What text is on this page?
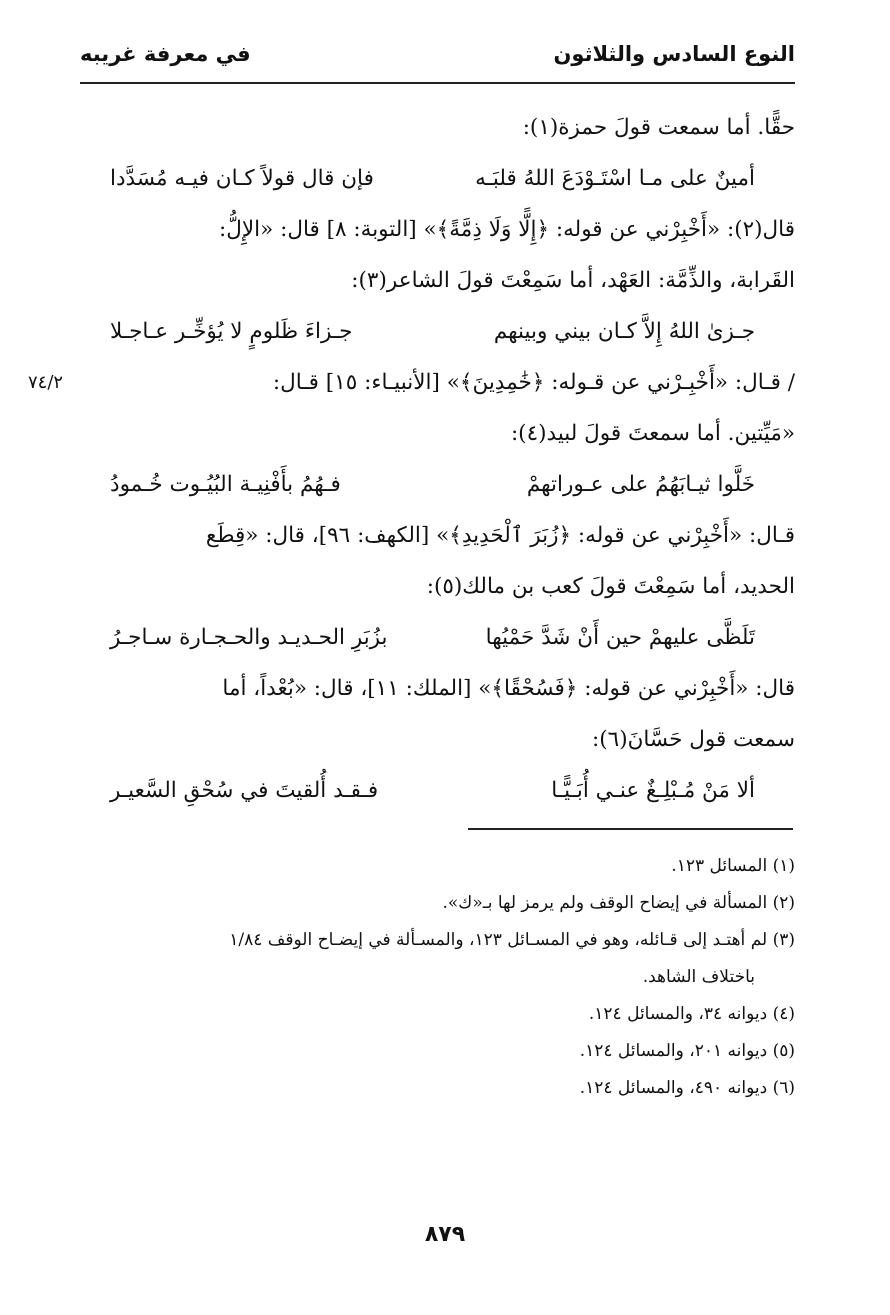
النوع السادس والثلاثون
في معرفة غريبه
حقًّا. أما سمعت قولَ حمزة(١):
أمينٌ على مـا اسْتَـوْدَعَ اللهُ قلبَـه
فإن قال قولاً كـان فيـه مُسَدَّدا
قال(٢): «أَخْبِرْني عن قوله: ﴿إِلًّا وَلَا ذِمَّةً﴾» [التوبة: ٨] قال: «الإِلُّ:
القَرابة، والذِّمَّة: العَهْد، أما سَمِعْتَ قولَ الشاعر(٣):
جـزىٰ اللهُ إِلاَّ كـان بيني وبينهم
جـزاءَ ظَلومٍ لا يُؤخِّـر عـاجـلا
/ قـال: «أَخْبِـرْني عن قـوله: ﴿خَٰمِدِينَ﴾» [الأنبيـاء: ١٥] قـال:
٧٤/٢
«مَيِّتين. أما سمعتَ قولَ لبيد(٤):
خَلَّوا ثيـابَهُمُ على عـوراتهمْ
فـهُمُ بأَفْنِيـة البُيُـوت خُـمودُ
قـال: «أَخْبِرْني عن قوله: ﴿زُبَرَ ٱلْحَدِيدِ﴾» [الكهف: ٩٦]، قال: «قِطَع
الحديد، أما سَمِعْتَ قولَ كعب بن مالك(٥):
تَلَظَّى عليهمْ حين أَنْ شَدَّ حَمْيُها
بزُبَرِ الحـديـد والحـجـارة سـاجـرُ
قال: «أَخْبِرْني عن قوله: ﴿فَسُحْقًا﴾» [الملك: ١١]، قال: «بُعْداً، أما
سمعت قول حَسَّانَ(٦):
ألا مَنْ مُـبْلِـغٌ عنـي أُبَـيًّـا
فـقـد أُلقيتَ في سُحْقِ السَّعيـر
(١) المسائل ١٢٣.
(٢) المسألة في إيضاح الوقف ولم يرمز لها بـ«ك».
(٣) لم أهتـد إلى قـائله، وهو في المسـائل ١٢٣، والمسـألة في إيضـاح الوقف ١/٨٤
باختلاف الشاهد.
(٤) ديوانه ٣٤، والمسائل ١٢٤.
(٥) ديوانه ٢٠١، والمسائل ١٢٤.
(٦) ديوانه ٤٩٠، والمسائل ١٢٤.
٨٧٩
